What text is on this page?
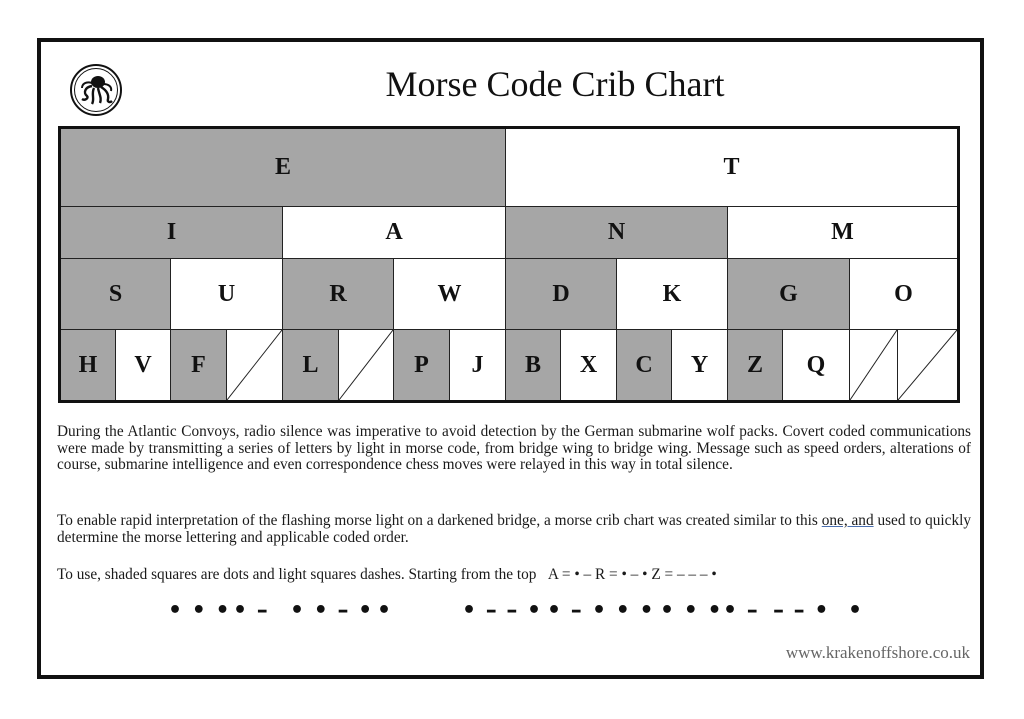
Morse Code Crib Chart
E	T
I	A	N	M
S	U	R	W	D	K	G	O
H	V	F	L	P	J	B	X	C	Y	Z	Q
During the Atlantic Convoys, radio silence was imperative to avoid detection by the German submarine wolf packs. Covert coded communications were made by transmitting a series of letters by light in morse code, from bridge wing to bridge wing. Message such as speed orders, alterations of course, submarine intelligence and even correspondence chess moves were relayed in this way in total silence.
To enable rapid interpretation of the flashing morse light on a darkened bridge, a morse crib chart was created similar to this one, and used to quickly determine the morse lettering and applicable coded order.
To use, shaded squares are dots and light squares dashes. Starting from the top A = • – R = • – • Z = – – – •
• • • • – • • – • •	• – – • • – • • • • • • • – – – • •
www.krakenoffshore.co.uk
